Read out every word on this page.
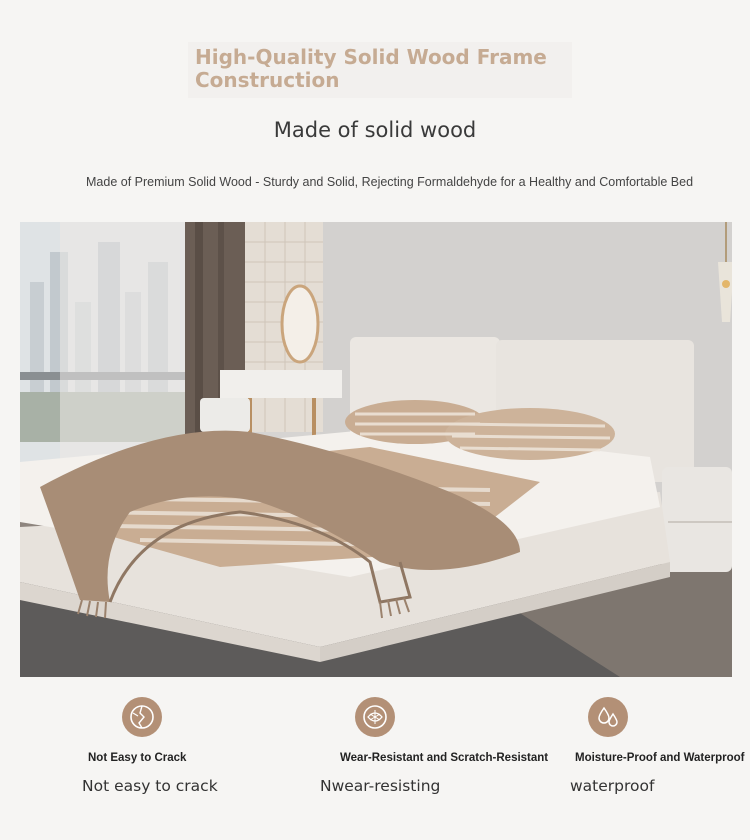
High-Quality Solid Wood Frame Construction
Made of solid wood
Made of Premium Solid Wood - Sturdy and Solid, Rejecting Formaldehyde for a Healthy and Comfortable Bed
Not Easy to Crack
Not easy to crack
Wear-Resistant and Scratch-Resistant
Nwear-resisting
Moisture-Proof and Waterproof
waterproof
